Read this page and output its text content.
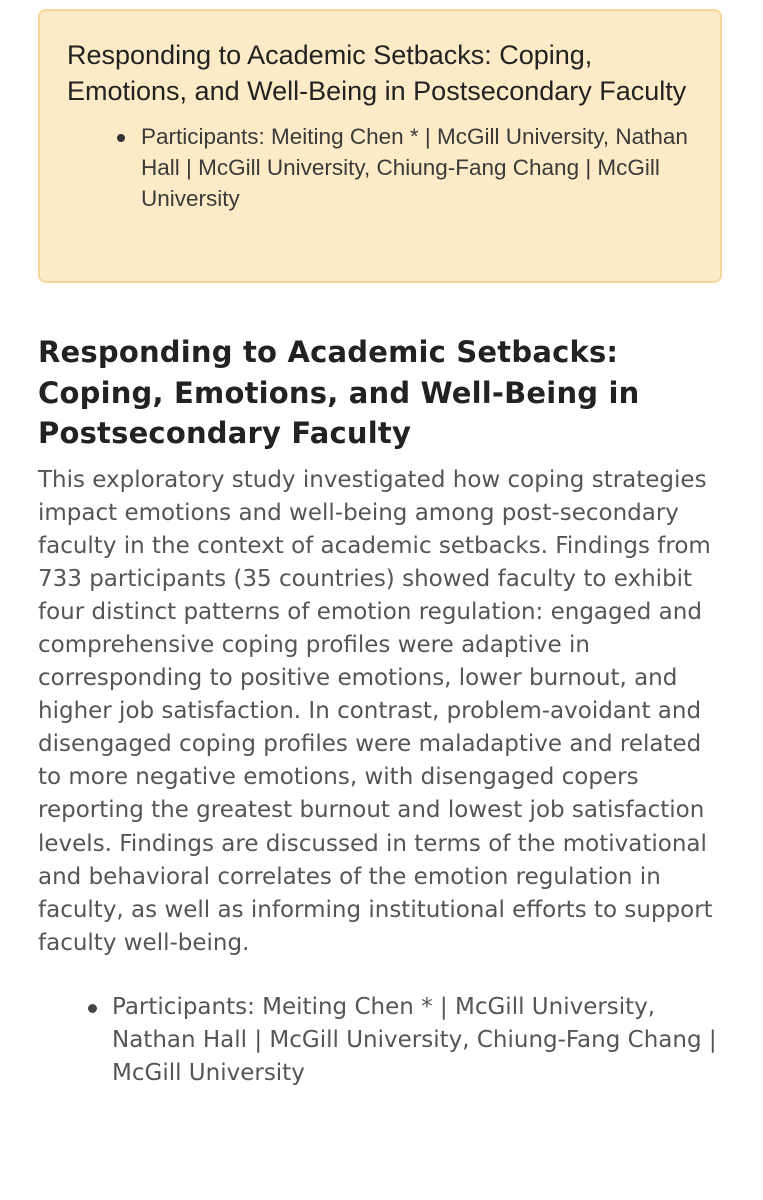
Responding to Academic Setbacks: Coping, Emotions, and Well-Being in Postsecondary Faculty
Participants: Meiting Chen * | McGill University, Nathan Hall | McGill University, Chiung-Fang Chang | McGill University
Responding to Academic Setbacks: Coping, Emotions, and Well-Being in Postsecondary Faculty

This exploratory study investigated how coping strategies impact emotions and well-being among post-secondary faculty in the context of academic setbacks. Findings from 733 participants (35 countries) showed faculty to exhibit four distinct patterns of emotion regulation: engaged and comprehensive coping profiles were adaptive in corresponding to positive emotions, lower burnout, and higher job satisfaction. In contrast, problem-avoidant and disengaged coping profiles were maladaptive and related to more negative emotions, with disengaged copers reporting the greatest burnout and lowest job satisfaction levels. Findings are discussed in terms of the motivational and behavioral correlates of the emotion regulation in faculty, as well as informing institutional efforts to support faculty well-being.

Participants: Meiting Chen * | McGill University, Nathan Hall | McGill University, Chiung-Fang Chang | McGill University
